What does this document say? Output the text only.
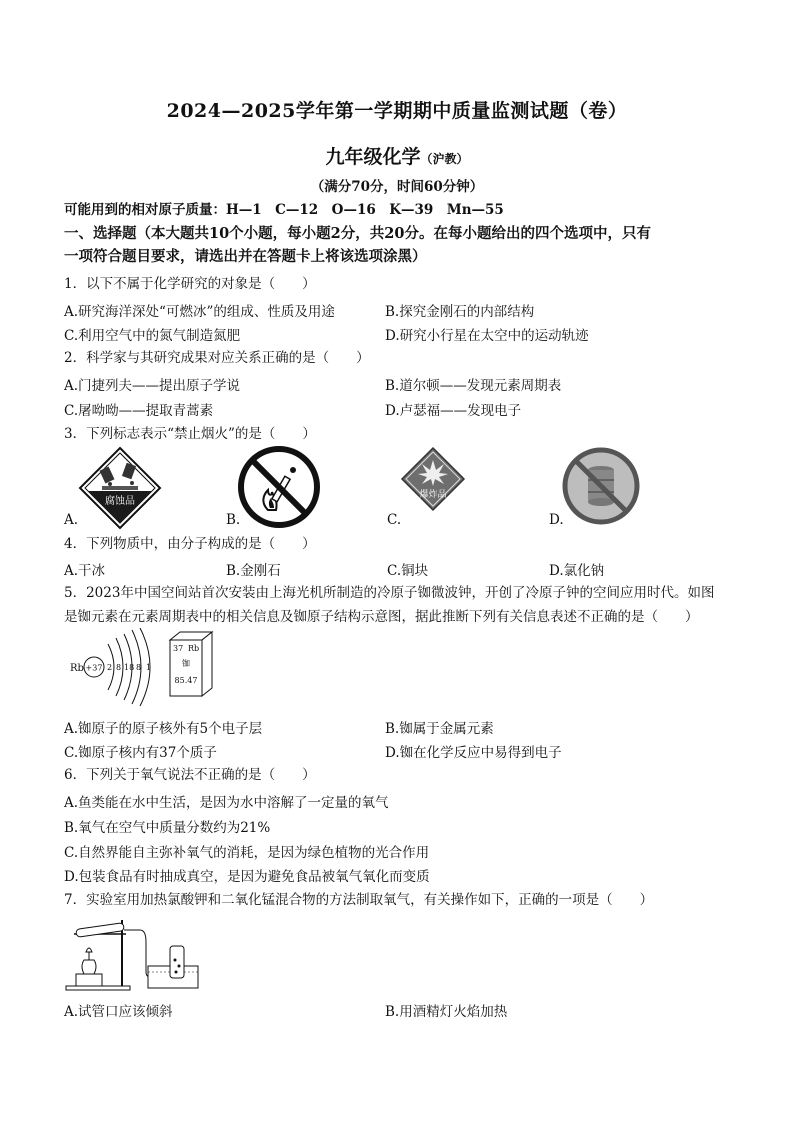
2024—2025学年第一学期期中质量监测试题（卷）
九年级化学（沪教）
（满分70分，时间60分钟）
可能用到的相对原子质量：H—1　C—12　O—16　K—39　Mn—55
一、选择题（本大题共10个小题，每小题2分，共20分。在每小题给出的四个选项中，只有
一项符合题目要求，请选出并在答题卡上将该选项涂黑）
1．以下不属于化学研究的对象是（　　）
A.研究海洋深处“可燃冰”的组成、性质及用途	B.探究金刚石的内部结构
C.利用空气中的氮气制造氮肥	D.研究小行星在太空中的运动轨迹
2．科学家与其研究成果对应关系正确的是（　　）
A.门捷列夫——提出原子学说	B.道尔顿——发现元素周期表
C.屠呦呦——提取青蒿素	D.卢瑟福——发现电子
3．下列标志表示“禁止烟火”的是（　　）
腐蚀品
A.	B.
爆炸品
C.	D.
4．下列物质中，由分子构成的是（　　）
A.干冰	B.金刚石	C.铜块	D.氯化钠
5．2023年中国空间站首次安装由上海光机所制造的冷原子铷微波钟，开创了冷原子钟的空间应用时代。如图
是铷元素在元素周期表中的相关信息及铷原子结构示意图，据此推断下列有关信息表述不正确的是（　　）
Rb +37 2 8 18 8 1
37 Rb
铷
85.47
A.铷原子的原子核外有5个电子层	B.铷属于金属元素
C.铷原子核内有37个质子	D.铷在化学反应中易得到电子
6．下列关于氧气说法不正确的是（　　）
A.鱼类能在水中生活，是因为水中溶解了一定量的氧气
B.氧气在空气中质量分数约为21%
C.自然界能自主弥补氧气的消耗，是因为绿色植物的光合作用
D.包装食品有时抽成真空，是因为避免食品被氧气氧化而变质
7．实验室用加热氯酸钾和二氧化锰混合物的方法制取氧气，有关操作如下，正确的一项是（　　）
A.试管口应该倾斜	B.用酒精灯火焰加热
